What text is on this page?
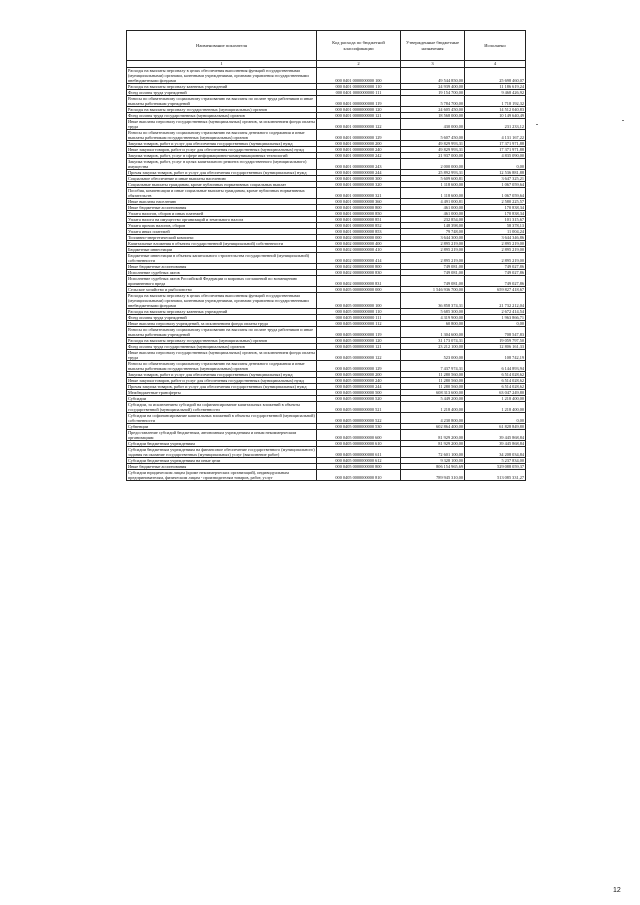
Наименование показателя	Код расхода по бюджетной классификации	Утвержденные бюджетные назначения	Исполнено
1	2	3	4
Расходы на выплаты персоналу в целях обеспечения выполнения функций государственными (муниципальными) органами, казенными учреждениями, органами управления государственными внебюджетными фондами	000 0401 0000000000 100	49 544 850,00	25 698 460,07
Расходы на выплаты персоналу казенных учреждений	000 0401 0000000000 110	24 939 400,00	11 186 619,24
Фонд оплаты труда учреждений	000 0401 0000000000 111	19 154 700,00	9 468 426,92
Взносы по обязательному социальному страхованию на выплаты по оплате труда работников и иные выплаты работникам учреждений	000 0401 0000000000 119	5 784 700,00	1 718 192,32
Расходы на выплаты персоналу государственных (муниципальных) органов	000 0401 0000000000 120	24 605 450,00	14 512 040,83
Фонд оплаты труда государственных (муниципальных) органов	000 0401 0000000000 121	18 568 000,00	10 149 640,49
Иные выплаты персоналу государственных (муниципальных) органов, за исключением фонда оплаты труда	000 0401 0000000000 122	430 000,00	231 233,12
Взносы по обязательному социальному страхованию на выплаты денежного содержания и иные выплаты работникам государственных (муниципальных) органов	000 0401 0000000000 129	5 607 450,00	4 131 167,22
Закупка товаров, работ и услуг для обеспечения государственных (муниципальных) нужд	000 0401 0000000000 200	49 829 993,31	17 371 971,88
Иные закупки товаров, работ и услуг для обеспечения государственных (муниципальных) нужд	000 0401 0000000000 240	49 829 993,31	17 371 971,88
Закупка товаров, работ, услуг в сфере информационно-коммуникационных технологий	000 0401 0000000000 242	21 937 000,00	4 835 090,00
Закупка товаров, работ, услуг в целях капитального ремонта государственного (муниципального) имущества	000 0401 0000000000 243	2 000 000,00	0,00
Прочая закупка товаров, работ и услуг для обеспечения государственных (муниципальных) нужд	000 0401 0000000000 244	25 892 993,31	12 536 881,88
Социальное обеспечение и иные выплаты населению	000 0401 0000000000 300	5 609 600,81	3 647 325,21
Социальные выплаты гражданам, кроме публичных нормативных социальных выплат	000 0401 0000000000 320	1 118 600,00	1 067 059,64
Пособия, компенсации и иные социальные выплаты гражданам, кроме публичных нормативных обязательств	000 0401 0000000000 321	1 118 600,00	1 067 059,64
Иные выплаты населению	000 0401 0000000000 360	4 491 000,81	2 580 225,57
Иные бюджетные ассигнования	000 0401 0000000000 800	461 000,00	170 838,34
Уплата налогов, сборов и иных платежей	000 0401 0000000000 850	461 000,00	170 838,34
Уплата налога на имущество организаций и земельного налога	000 0401 0000000000 851	232 854,00	101 315,67
Уплата прочих налогов, сборов	000 0401 0000000000 852	148 398,00	58 378,13
Уплата иных платежей	000 0401 0000000000 853	79 748,00	11 004,24
Топливно-энергетический комплекс	000 0402 0000000000 000	3 644 300,00	3 644 346,86
Капитальные вложения в объекты государственной (муниципальной) собственности	000 0402 0000000000 400	2 895 219,00	2 895 219,00
Бюджетные инвестиции	000 0402 0000000000 410	2 895 219,00	2 895 219,00
Бюджетные инвестиции в объекты капитального строительства государственной (муниципальной) собственности	000 0402 0000000000 414	2 895 219,00	2 895 219,00
Иные бюджетные ассигнования	000 0402 0000000000 800	749 081,00	749 027,86
Исполнение судебных актов	000 0402 0000000000 830	749 081,00	749 027,86
Исполнение судебных актов Российской Федерации и мировых соглашений по возмещению причиненного вреда	000 0402 0000000000 831	749 081,00	749 027,86
Сельское хозяйство и рыболовство	000 0405 0000000000 000	1 546 936 700,00	659 827 418,67
Расходы на выплаты персоналу в целях обеспечения выполнения функций государственными (муниципальными) органами, казенными учреждениями, органами управления государственными внебюджетными фондами	000 0405 0000000000 100	36 858 374,31	21 732 212,04
Расходы на выплаты персоналу казенных учреждений	000 0405 0000000000 110	5 685 300,00	2 672 414,54
Фонд оплаты труда учреждений	000 0405 0000000000 111	4 319 900,00	1 963 866,71
Иные выплаты персоналу учреждений, за исключением фонда оплаты труда	000 0405 0000000000 112	60 800,00	0,00
Взносы по обязательному социальному страхованию на выплаты по оплате труда работников и иные выплаты работникам учреждений	000 0405 0000000000 119	1 304 600,00	708 547,83
Расходы на выплаты персоналу государственных (муниципальных) органов	000 0405 0000000000 120	31 173 074,31	19 059 797,50
Фонд оплаты труда государственных (муниципальных) органов	000 0405 0000000000 121	23 212 100,00	12 806 161,33
Иные выплаты персоналу государственных (муниципальных) органов, за исключением фонда оплаты труда	000 0405 0000000000 122	523 000,00	108 742,19
Взносы по обязательному социальному страхованию на выплаты денежного содержания и иные выплаты работникам государственных (муниципальных) органов	000 0405 0000000000 129	7 437 974,31	6 144 893,94
Закупка товаров, работ и услуг для обеспечения государственных (муниципальных) нужд	000 0405 0000000000 200	11 280 560,00	6 514 028,62
Иные закупки товаров, работ и услуг для обеспечения государственных (муниципальных) нужд	000 0405 0000000000 240	11 280 560,00	6 514 028,62
Прочая закупка товаров, работ и услуг для обеспечения государственных (муниципальных) нужд	000 0405 0000000000 244	11 280 560,00	6 514 028,62
Межбюджетные трансферты	000 0405 0000000000 500	608 313 600,00	63 047 249,80
Субсидии	000 0405 0000000000 520	5 449 200,00	1 218 400,00
Субсидии, за исключением субсидий на софинансирование капитальных вложений в объекты государственной (муниципальной) собственности	000 0405 0000000000 521	1 218 400,00	1 218 400,00
Субсидии на софинансирование капитальных вложений в объекты государственной (муниципальной) собственности	000 0405 0000000000 522	4 230 800,00	0,00
Субвенции	000 0405 0000000000 530	602 864 400,00	61 828 849,80
Предоставление субсидий бюджетным, автономным учреждениям и иным некоммерческим организациям	000 0405 0000000000 600	81 929 200,00	39 445 868,84
Субсидии бюджетным учреждениям	000 0405 0000000000 610	81 929 200,00	39 445 868,84
Субсидии бюджетным учреждениям на финансовое обеспечение государственного (муниципального) задания на оказание государственных (муниципальных) услуг (выполнение работ)	000 0405 0000000000 611	72 601 100,00	34 208 034,84
Субсидии бюджетным учреждениям на иные цели	000 0405 0000000000 612	9 328 100,00	5 237 834,00
Иные бюджетные ассигнования	000 0405 0000000000 800	806 154 965,69	529 088 059,37
Субсидии юридическим лицам (кроме некоммерческих организаций), индивидуальным предпринимателям, физическим лицам - производителям товаров, работ, услуг	000 0405 0000000000 810	789 945 310,00	513 085 331,27
12
